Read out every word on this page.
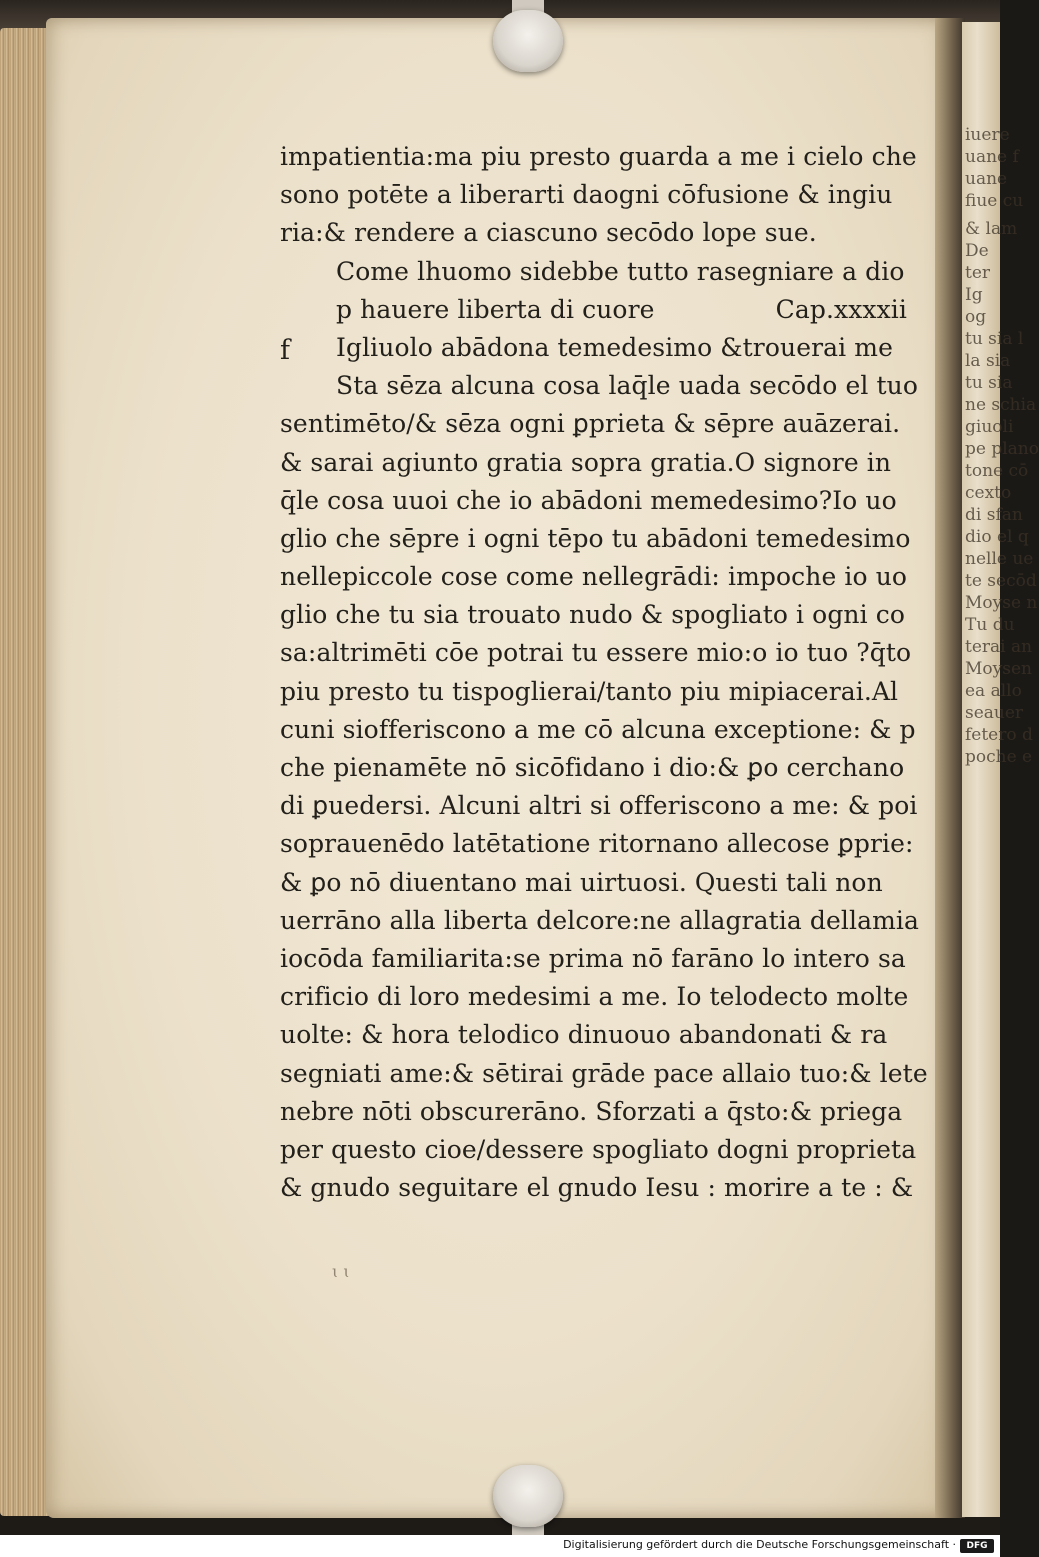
iuere
uane f
uane
fiue cu
& lam
De
ter
Ig
og
tu sia l
la sia
tu sia
ne schia
giuoli
pe plano
tone cō
cexto
di sfan
dio el q
nelle ue
te secōd
Moyse n
Tu du
terai an
Moysen
ea allo
seauer
fetero d
poche e
impatientia:ma piu presto guarda a me i cielo che
sono potēte a liberarti daogni cōfusione & ingiu
ria:& rendere a ciascuno secōdo lope sue.
Come lhuomo sidebbe tutto rasegniare a dio
p hauere liberta di cuore	Cap.xxxxii
Igliuolo abādona temedesimo &trouerai me
Sta sēza alcuna cosa laq̄le uada secōdo el tuo
sentimēto/& sēza ogni ꝑprieta & sēpre auāzerai.
& sarai agiunto gratia sopra gratia.O signore in
q̄le cosa uuoi che io abādoni memedesimo?Io uo
glio che sēpre i ogni tēpo tu abādoni temedesimo
nellepiccole cose come nellegrādi: impoche io uo
glio che tu sia trouato nudo & spogliato i ogni co
sa:altrimēti cōe potrai tu essere mio:o io tuo ?q̄to
piu presto tu tispoglierai/tanto piu mipiacerai.Al
cuni siofferiscono a me cō alcuna exceptione: & p
che pienamēte nō sicōfidano i dio:& ꝑo cerchano
di ꝑuedersi. Alcuni altri si offeriscono a me: & poi
soprauenēdo latētatione ritornano allecose ꝑprie:
& ꝑo nō diuentano mai uirtuosi. Questi tali non
uerrāno alla liberta delcore:ne allagratia dellamia
iocōda familiarita:se prima nō farāno lo intero sa
crificio di loro medesimi a me. Io telodecto molte
uolte: & hora telodico dinuouo abandonati & ra
segniati ame:& sētirai grāde pace allaio tuo:& lete
nebre nōti obscurerāno. Sforzati a q̄sto:& priega
per questo cioe/dessere spogliato dogni proprieta
& gnudo seguitare el gnudo Iesu : morire a te : &
f
ɩ ɩ
Digitalisierung gefördert durch die Deutsche Forschungsgemeinschaft ·	DFG
